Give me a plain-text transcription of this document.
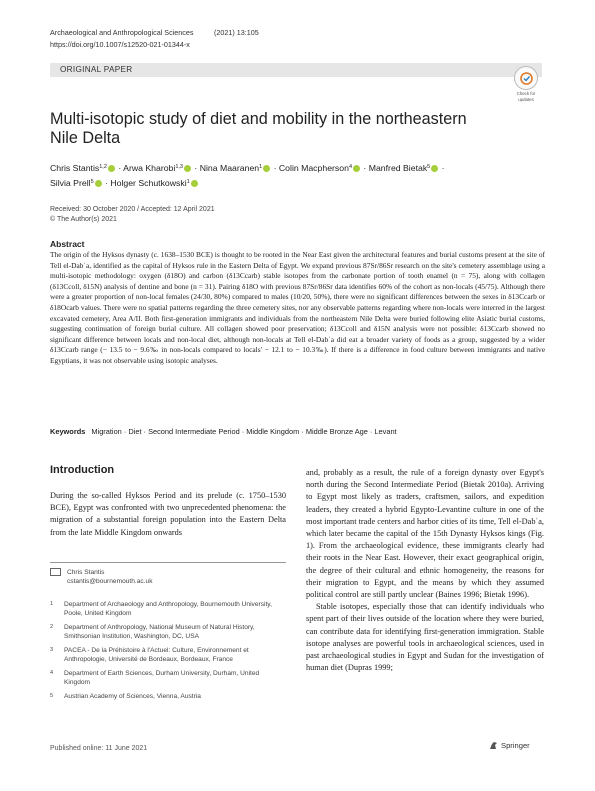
Archaeological and Anthropological Sciences	(2021) 13:105
https://doi.org/10.1007/s12520-021-01344-x
ORIGINAL PAPER
Check for
updates
Multi-isotopic study of diet and mobility in the northeastern Nile Delta
Chris Stantis$^{1,2}$ · Arwa Kharobi$^{1,3}$ · Nina Maaranen$^1$ · Colin Macpherson$^4$ · Manfred Bietak$^5$ ·
Silvia Prell$^5$ · Holger Schutkowski$^1$
Received: 30 October 2020 / Accepted: 12 April 2021
© The Author(s) 2021
Abstract

The origin of the Hyksos dynasty (c. 1638–1530 BCE) is thought to be rooted in the Near East given the architectural features and burial customs present at the site of Tell el-Dabʿa, identified as the capital of Hyksos rule in the Eastern Delta of Egypt. We expand previous 87Sr/86Sr research on the site's cemetery assemblage using a multi-isotopic methodology: oxygen (δ18O) and carbon (δ13Ccarb) stable isotopes from the carbonate portion of tooth enamel (n = 75), along with collagen (δ13Ccoll, δ15N) analysis of dentine and bone (n = 31). Pairing δ18O with previous 87Sr/86Sr data identifies 60% of the cohort as non-locals (45/75). Although there were a greater proportion of non-local females (24/30, 80%) compared to males (10/20, 50%), there were no significant differences between the sexes in δ13Ccarb or δ18Ocarb values. There were no spatial patterns regarding the three cemetery sites, nor any observable patterns regarding where non-locals were interred in the largest excavated cemetery, Area A/II. Both first-generation immigrants and individuals from the northeastern Nile Delta were buried following elite Asiatic burial customs, suggesting continuation of foreign burial culture. All collagen showed poor preservation; δ13Ccoll and δ15N analysis were not possible: δ13Ccarb showed no significant difference between locals and non-local diet, although non-locals at Tell el-Dabʿa did eat a broader variety of foods as a group, suggested by a wider δ13Ccarb range (− 13.5 to − 9.6‰ in non-locals compared to locals' − 12.1 to − 10.3‰). If there is a difference in food culture between immigrants and native Egyptians, it was not observable using isotopic analyses.

Keywords Migration · Diet · Second Intermediate Period · Middle Kingdom · Middle Bronze Age · Levant
Introduction

During the so-called Hyksos Period and its prelude (c. 1750–1530 BCE), Egypt was confronted with two unprecedented phenomena: the migration of a substantial foreign population into the Eastern Delta from the late Middle Kingdom onwards

and, probably as a result, the rule of a foreign dynasty over Egypt's north during the Second Intermediate Period (Bietak 2010a). Arriving to Egypt most likely as traders, craftsmen, sailors, and expedition leaders, they created a hybrid Egypto-Levantine culture in one of the most important trade centers and harbor cities of its time, Tell el-Dabʿa, which later became the capital of the 15th Dynasty Hyksos kings (Fig. 1). From the archaeological evidence, these immigrants clearly had their roots in the Near East. However, their exact geographical origin, the degree of their cultural and ethnic homogeneity, the reasons for their migration to Egypt, and the means by which they assumed political control are still partly unclear (Baines 1996; Bietak 1996).

Stable isotopes, especially those that can identify individuals who spent part of their lives outside of the location where they were buried, can contribute data for identifying first-generation immigration. Stable isotope analyses are powerful tools in archaeological sciences, used in past archaeological studies in Egypt and Sudan for the investigation of human diet (Dupras 1999;

Chris Stantis
cstantis@bournemouth.ac.uk
1	Department of Archaeology and Anthropology, Bournemouth University, Poole, United Kingdom
2	Department of Anthropology, National Museum of Natural History, Smithsonian Institution, Washington, DC, USA
3	PACEA - De la Préhistoire à l'Actuel: Culture, Environnement et Anthropologie, Université de Bordeaux, Bordeaux, France
4	Department of Earth Sciences, Durham University, Durham, United Kingdom
5	Austrian Academy of Sciences, Vienna, Austria
Published online: 11 June 2021	Springer
